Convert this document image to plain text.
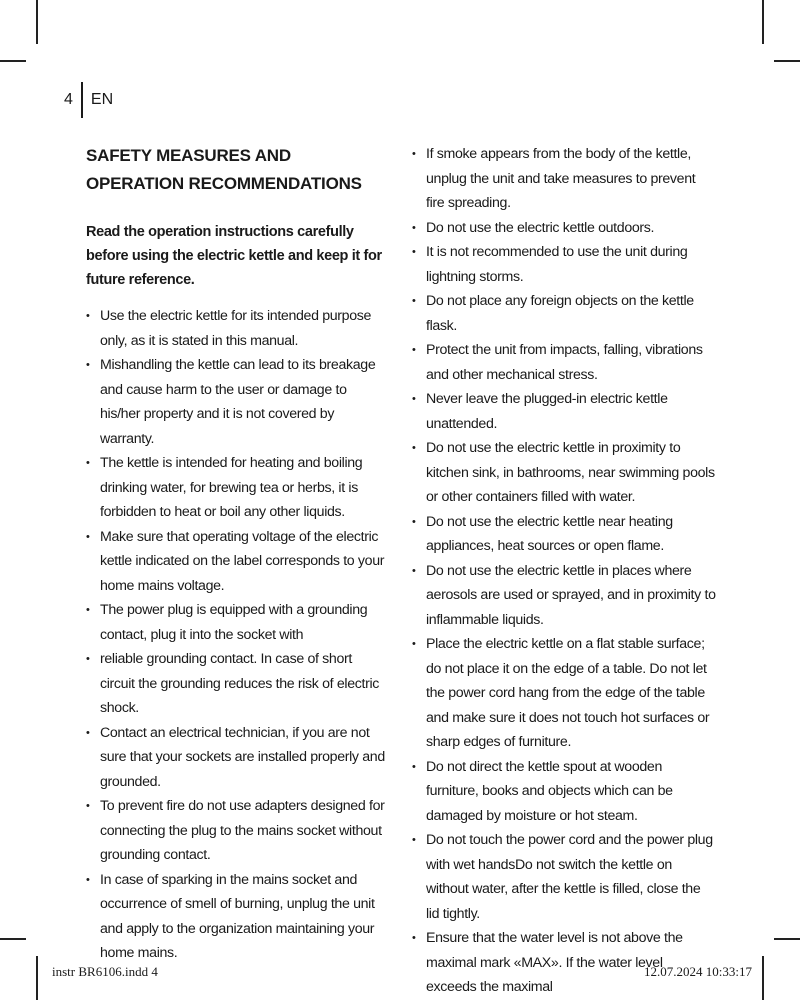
4 EN
SAFETY MEASURES AND OPERATION RECOMMENDATIONS
Read the operation instructions carefully before using the electric kettle and keep it for future reference.
• Use the electric kettle for its intended purpose only, as it is stated in this manual.
• Mishandling the kettle can lead to its breakage and cause harm to the user or damage to his/her property and it is not covered by warranty.
• The kettle is intended for heating and boiling drinking water, for brewing tea or herbs, it is forbidden to heat or boil any other liquids.
• Make sure that operating voltage of the electric kettle indicated on the label corresponds to your home mains voltage.
• The power plug is equipped with a grounding contact, plug it into the socket with
• reliable grounding contact. In case of short circuit the grounding reduces the risk of electric shock.
• Contact an electrical technician, if you are not sure that your sockets are installed properly and grounded.
• To prevent fire do not use adapters designed for connecting the plug to the mains socket without grounding contact.
• In case of sparking in the mains socket and occurrence of smell of burning, unplug the unit and apply to the organization maintaining your home mains.
• If smoke appears from the body of the kettle, unplug the unit and take measures to prevent fire spreading.
• Do not use the electric kettle outdoors.
• It is not recommended to use the unit during lightning storms.
• Do not place any foreign objects on the kettle flask.
• Protect the unit from impacts, falling, vibrations and other mechanical stress.
• Never leave the plugged-in electric kettle unattended.
• Do not use the electric kettle in proximity to kitchen sink, in bathrooms, near swimming pools or other containers filled with water.
• Do not use the electric kettle near heating appliances, heat sources or open flame.
• Do not use the electric kettle in places where aerosols are used or sprayed, and in proximity to inflammable liquids.
• Place the electric kettle on a flat stable surface; do not place it on the edge of a table. Do not let the power cord hang from the edge of the table and make sure it does not touch hot surfaces or sharp edges of furniture.
• Do not direct the kettle spout at wooden furniture, books and objects which can be damaged by moisture or hot steam.
• Do not touch the power cord and the power plug with wet handsDo not switch the kettle on without water, after the kettle is filled, close the lid tightly.
• Ensure that the water level is not above the maximal mark «MAX». If the water level exceeds the maximal
instr BR6106.indd 4	12.07.2024 10:33:17
